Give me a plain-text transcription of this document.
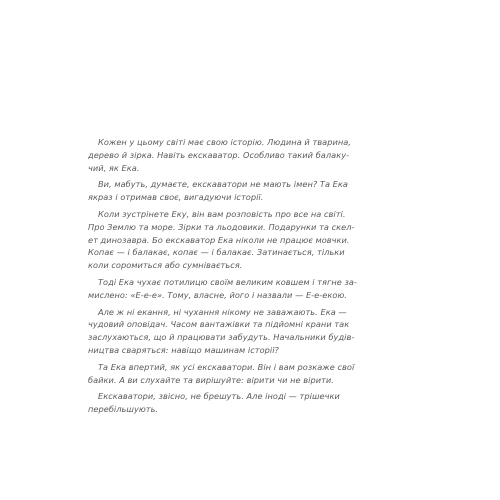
Кожен у цьому світі має свою історію. Людина й тварина,
дерево й зірка. Навіть екскаватор. Особливо такий балаку-
чий, як Ека.

Ви, мабуть, думаєте, екскаватори не мають імен? Та Ека
якраз і отримав своє, вигадуючи історії.

Коли зустрінете Еку, він вам розповість про все на світі.
Про Землю та море. Зірки та льодовики. Подарунки та скел-
ет динозавра. Бо екскаватор Ека ніколи не працює мовчки.
Копає — і балакає, копає — і балакає. Затинається, тільки
коли соромиться або сумнівається.

Тоді Ека чухає потилицю своїм великим ковшем і тягне за-
мислено: «Е-е-е». Тому, власне, його і назвали — Е-е-екою.

Але ж ні екання, ні чухання нікому не заважають. Ека —
чудовий оповідач. Часом вантажівки та підйомні крани так
заслухаються, що й працювати забудуть. Начальники будів-
ництва сваряться: навіщо машинам історії?

Та Ека впертий, як усі екскаватори. Він і вам розкаже свої
байки. А ви слухайте та вирішуйте: вірити чи не вірити.

Екскаватори, звісно, не брешуть. Але іноді — трішечки
перебільшують.
